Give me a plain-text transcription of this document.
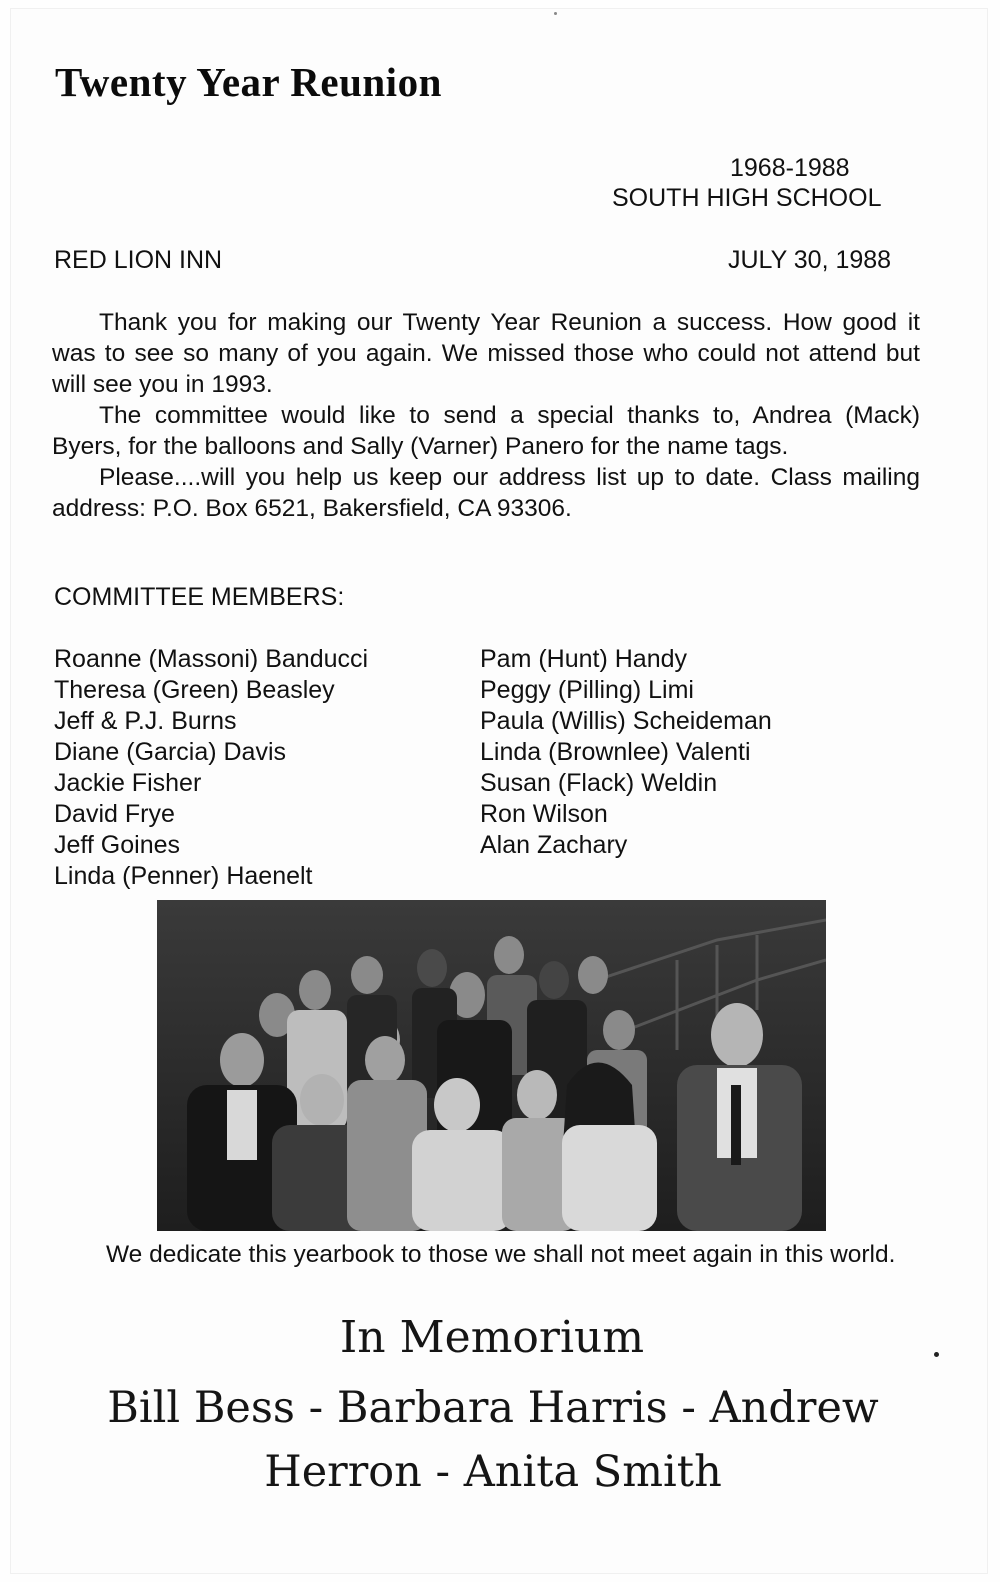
Twenty Year Reunion
1968-1988
SOUTH HIGH SCHOOL
RED LION INN	JULY 30, 1988

Thank you for making our Twenty Year Reunion a success. How good it was to see so many of you again. We missed those who could not attend but will see you in 1993.

The committee would like to send a special thanks to, Andrea (Mack) Byers, for the balloons and Sally (Varner) Panero for the name tags.

Please....will you help us keep our address list up to date. Class mailing address: P.O. Box 6521, Bakersfield, CA 93306.

COMMITTEE MEMBERS:
Roanne (Massoni) Banducci
Theresa (Green) Beasley
Jeff & P.J. Burns
Diane (Garcia) Davis
Jackie Fisher
David Frye
Jeff Goines
Linda (Penner) Haenelt
Pam (Hunt) Handy
Peggy (Pilling) Limi
Paula (Willis) Scheideman
Linda (Brownlee) Valenti
Susan (Flack) Weldin
Ron Wilson
Alan Zachary
We dedicate this yearbook to those we shall not meet again in this world.
In Memorium
Bill Bess - Barbara Harris - Andrew
Herron - Anita Smith
